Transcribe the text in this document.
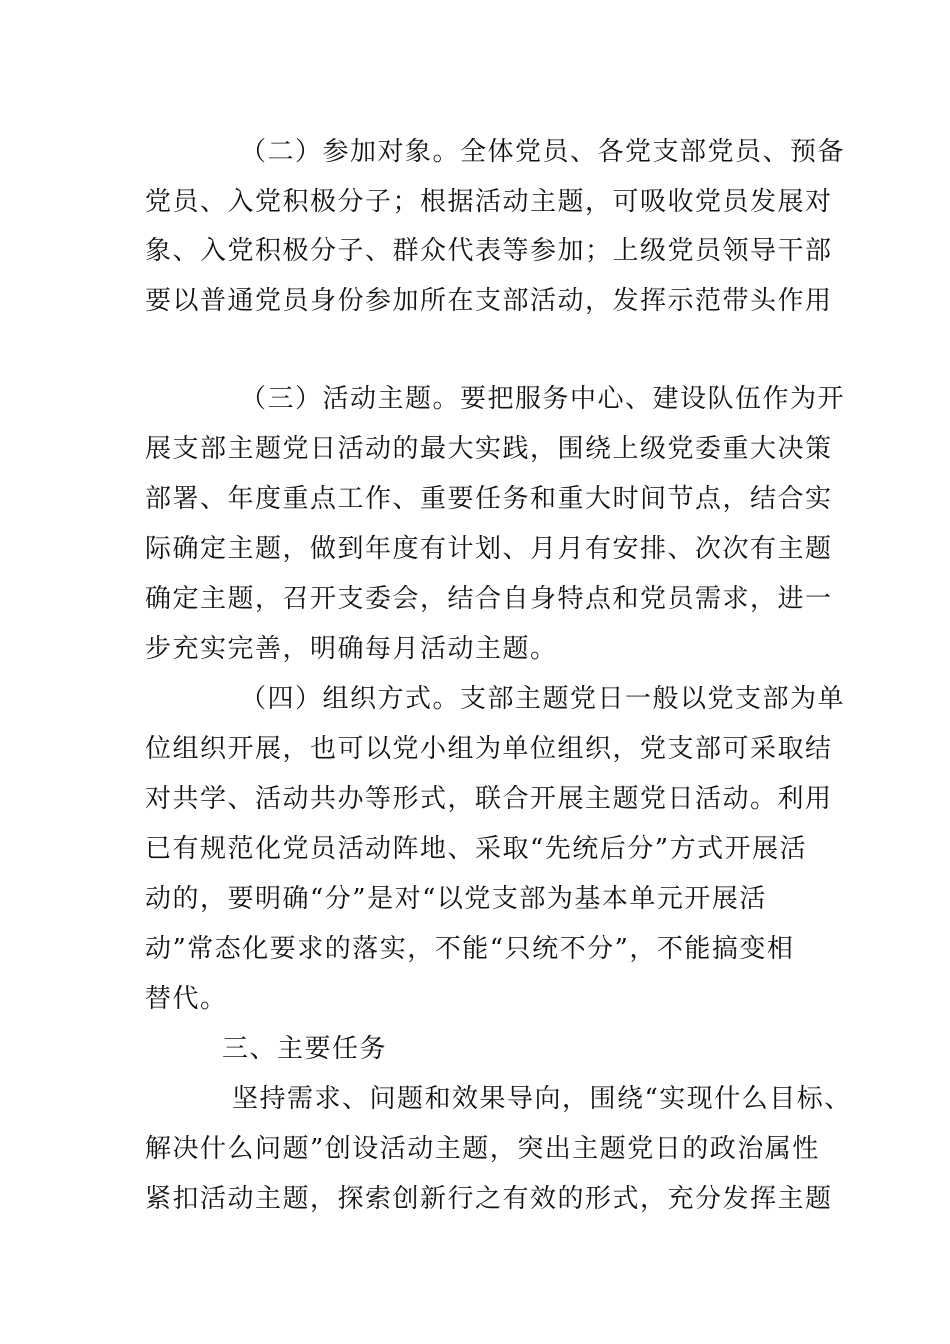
（二）参加对象。全体党员、各党支部党员、预备
党员、入党积极分子；根据活动主题，可吸收党员发展对
象、入党积极分子、群众代表等参加；上级党员领导干部
要以普通党员身份参加所在支部活动，发挥示范带头作用
（三）活动主题。要把服务中心、建设队伍作为开
展支部主题党日活动的最大实践，围绕上级党委重大决策
部署、年度重点工作、重要任务和重大时间节点，结合实
际确定主题，做到年度有计划、月月有安排、次次有主题
确定主题，召开支委会，结合自身特点和党员需求，进一
步充实完善，明确每月活动主题。
（四）组织方式。支部主题党日一般以党支部为单
位组织开展，也可以党小组为单位组织，党支部可采取结
对共学、活动共办等形式，联合开展主题党日活动。利用
已有规范化党员活动阵地、采取“先统后分”方式开展活
动的，要明确“分”是对“以党支部为基本单元开展活
动”常态化要求的落实，不能“只统不分”，不能搞变相
替代。
三、主要任务
坚持需求、问题和效果导向，围绕“实现什么目标、
解决什么问题”创设活动主题，突出主题党日的政治属性
紧扣活动主题，探索创新行之有效的形式，充分发挥主题
